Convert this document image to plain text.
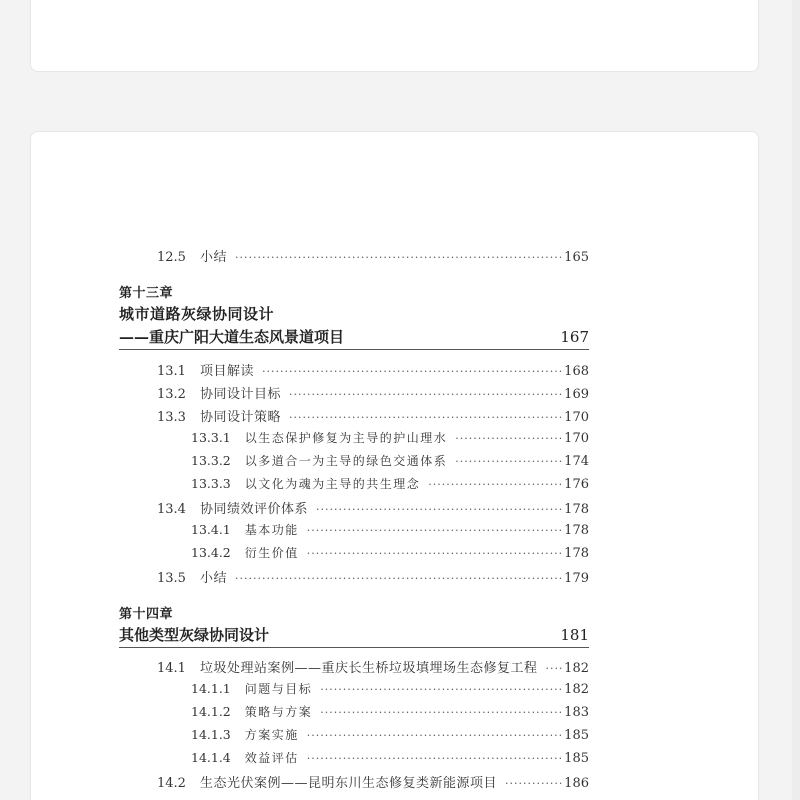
12.5 小结 ·····	165
第十三章
城市道路灰绿协同设计
——重庆广阳大道生态风景道项目	167
13.1 项目解读 ·····	168
13.2 协同设计目标 ·····	169
13.3 协同设计策略 ·····	170
13.3.1 以生态保护修复为主导的护山理水 ·····	170
13.3.2 以多道合一为主导的绿色交通体系 ·····	174
13.3.3 以文化为魂为主导的共生理念 ·····	176
13.4 协同绩效评价体系 ·····	178
13.4.1 基本功能 ·····	178
13.4.2 衍生价值 ·····	178
13.5 小结 ·····	179
第十四章
其他类型灰绿协同设计	181
14.1 垃圾处理站案例——重庆长生桥垃圾填埋场生态修复工程 ····· 182
14.1.1 问题与目标 ·····	182
14.1.2 策略与方案 ·····	183
14.1.3 方案实施 ·····	185
14.1.4 效益评估 ·····	185
14.2 生态光伏案例——昆明东川生态修复类新能源项目 ·····	186
